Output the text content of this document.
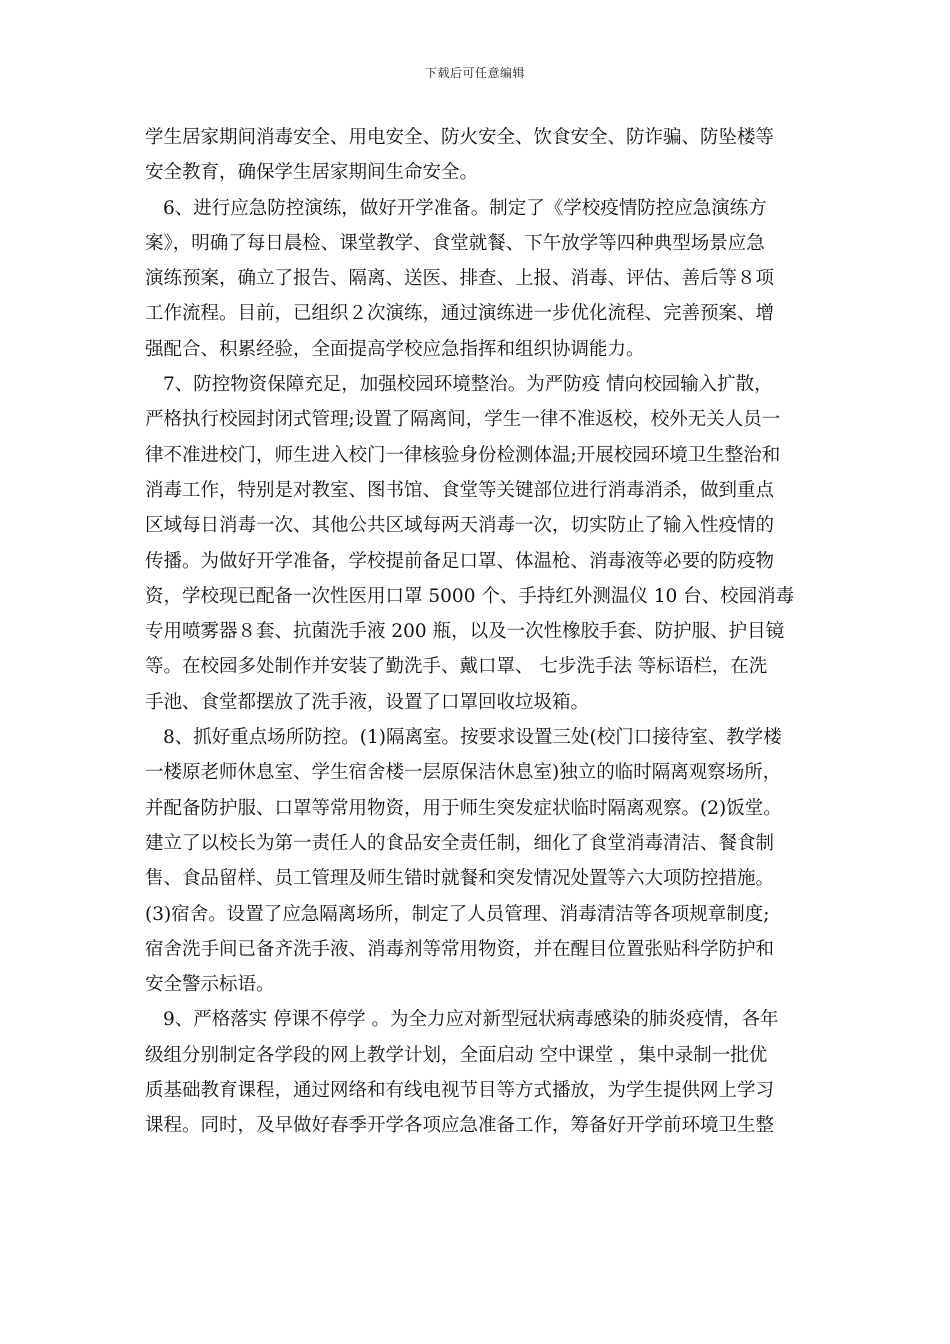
下载后可任意编辑
学生居家期间消毒安全、用电安全、防火安全、饮食安全、防诈骗、防坠楼等
安全教育，确保学生居家期间生命安全。
6、进行应急防控演练，做好开学准备。制定了《学校疫情防控应急演练方
案》，明确了每日晨检、课堂教学、食堂就餐、下午放学等四种典型场景应急
演练预案，确立了报告、隔离、送医、排查、上报、消毒、评估、善后等８项
工作流程。目前，已组织２次演练，通过演练进一步优化流程、完善预案、增
强配合、积累经验，全面提高学校应急指挥和组织协调能力。
7、防控物资保障充足，加强校园环境整治。为严防疫 情向校园输入扩散，
严格执行校园封闭式管理;设置了隔离间，学生一律不准返校，校外无关人员一
律不准进校门，师生进入校门一律核验身份检测体温;开展校园环境卫生整治和
消毒工作，特别是对教室、图书馆、食堂等关键部位进行消毒消杀，做到重点
区域每日消毒一次、其他公共区域每两天消毒一次，切实防止了输入性疫情的
传播。为做好开学准备，学校提前备足口罩、体温枪、消毒液等必要的防疫物
资，学校现已配备一次性医用口罩 5000 个、手持红外测温仪 10 台、校园消毒
专用喷雾器８套、抗菌洗手液 200 瓶，以及一次性橡胶手套、防护服、护目镜
等。在校园多处制作并安装了勤洗手、戴口罩、 七步洗手法 等标语栏，在洗
手池、食堂都摆放了洗手液，设置了口罩回收垃圾箱。
8、抓好重点场所防控。(1)隔离室。按要求设置三处(校门口接待室、教学楼
一楼原老师休息室、学生宿舍楼一层原保洁休息室)独立的临时隔离观察场所，
并配备防护服、口罩等常用物资，用于师生突发症状临时隔离观察。(2)饭堂。
建立了以校长为第一责任人的食品安全责任制，细化了食堂消毒清洁、餐食制
售、食品留样、员工管理及师生错时就餐和突发情况处置等六大项防控措施。
(3)宿舍。设置了应急隔离场所，制定了人员管理、消毒清洁等各项规章制度;
宿舍洗手间已备齐洗手液、消毒剂等常用物资，并在醒目位置张贴科学防护和
安全警示标语。
9、严格落实 停课不停学 。为全力应对新型冠状病毒感染的肺炎疫情，各年
级组分别制定各学段的网上教学计划，全面启动 空中课堂 ，集中录制一批优
质基础教育课程，通过网络和有线电视节目等方式播放，为学生提供网上学习
课程。同时，及早做好春季开学各项应急准备工作，筹备好开学前环境卫生整
